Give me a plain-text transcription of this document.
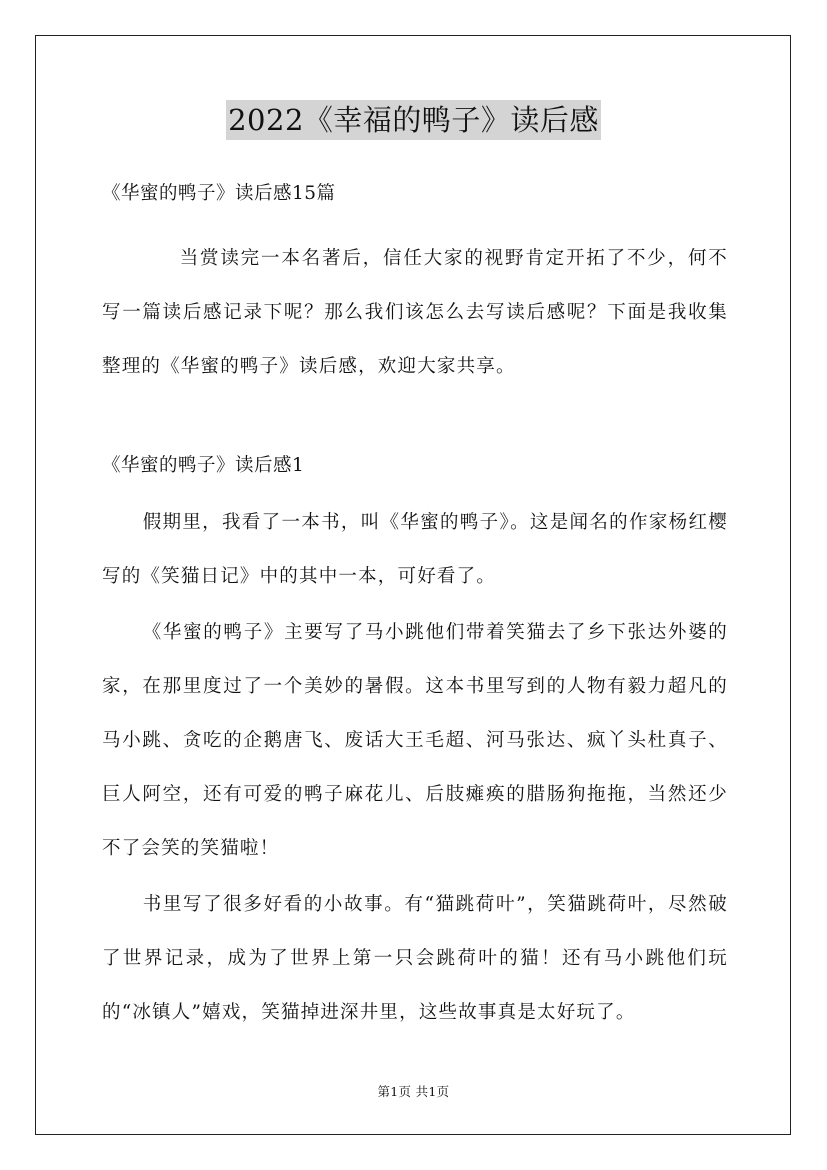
2022《幸福的鸭子》读后感
《华蜜的鸭子》读后感15篇

当赏读完一本名著后，信任大家的视野肯定开拓了不少，何不写一篇读后感记录下呢？那么我们该怎么去写读后感呢？下面是我收集整理的《华蜜的鸭子》读后感，欢迎大家共享。

《华蜜的鸭子》读后感1

假期里，我看了一本书，叫《华蜜的鸭子》。这是闻名的作家杨红樱写的《笑猫日记》中的其中一本，可好看了。

《华蜜的鸭子》主要写了马小跳他们带着笑猫去了乡下张达外婆的家，在那里度过了一个美妙的暑假。这本书里写到的人物有毅力超凡的马小跳、贪吃的企鹅唐飞、废话大王毛超、河马张达、疯丫头杜真子、巨人阿空，还有可爱的鸭子麻花儿、后肢瘫痪的腊肠狗拖拖，当然还少不了会笑的笑猫啦！

书里写了很多好看的小故事。有“猫跳荷叶”，笑猫跳荷叶，尽然破了世界记录，成为了世界上第一只会跳荷叶的猫！还有马小跳他们玩的“冰镇人”嬉戏，笑猫掉进深井里，这些故事真是太好玩了。

第1页 共1页
